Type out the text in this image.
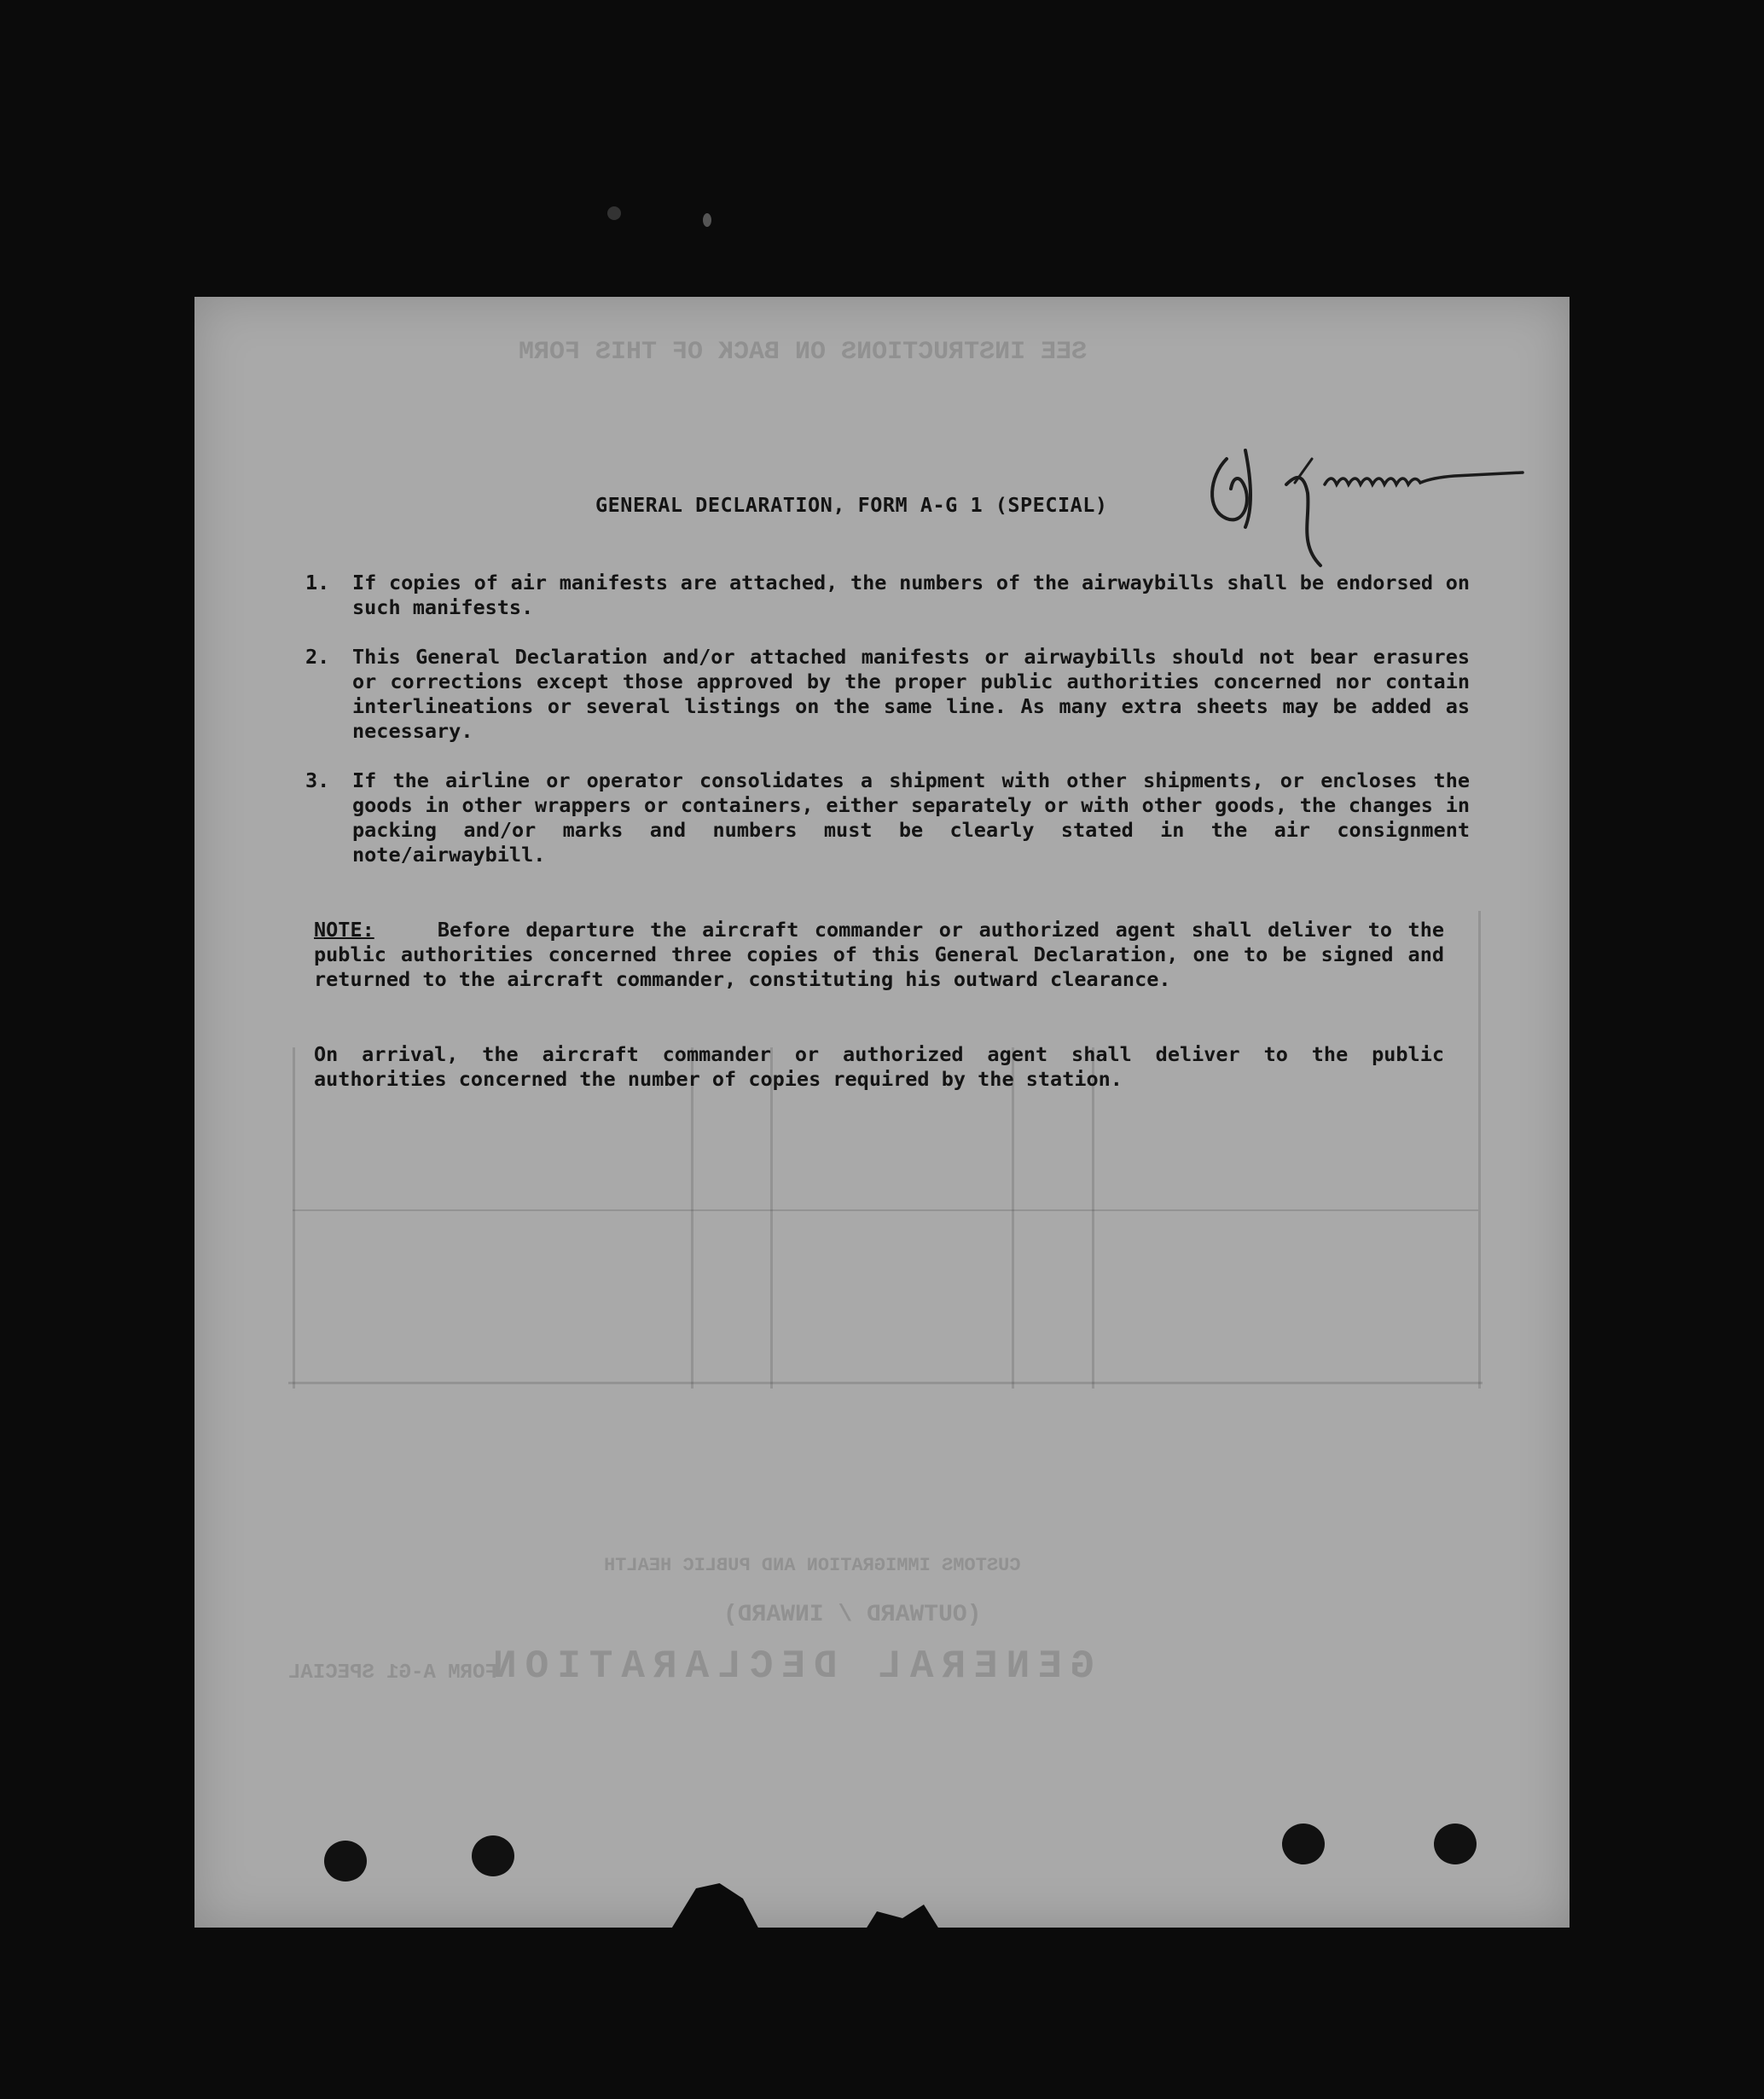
SEE INSTRUCTIONS ON BACK OF THIS FORM
GENERAL DECLARATION
(OUTWARD / INWARD)
CUSTOMS IMMIGRATION AND PUBLIC HEALTH
FORM A-G1 SPECIAL
GENERAL DECLARATION, FORM A-G 1 (SPECIAL)
1.	If copies of air manifests are attached, the numbers of the airwaybills shall be endorsed on such manifests.
2.	This General Declaration and/or attached manifests or airwaybills should not bear erasures or corrections except those approved by the proper public authorities concerned nor contain interlineations or several listings on the same line. As many extra sheets may be added as necessary.
3.	If the airline or operator consolidates a shipment with other shipments, or encloses the goods in other wrappers or containers, either separately or with other goods, the changes in packing and/or marks and numbers must be clearly stated in the air consignment note/airwaybill.
NOTE:	Before departure the aircraft commander or authorized agent shall deliver to the public authorities concerned three copies of this General Declaration, one to be signed and returned to the aircraft commander, constituting his outward clearance.
On arrival, the aircraft commander or authorized agent shall deliver to the public authorities concerned the number of copies required by the station.
